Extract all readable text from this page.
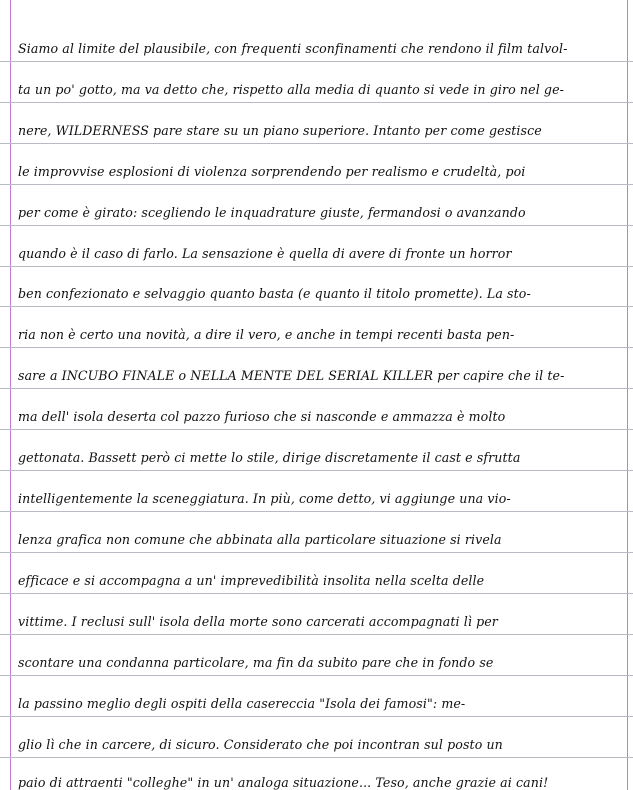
Siamo al limite del plausibile, con frequenti sconfinamenti che rendono il film talvol-
ta un po' gotto, ma va detto che, rispetto alla media di quanto si vede in giro nel ge-
nere, WILDERNESS pare stare su un piano superiore. Intanto per come gestisce
le improvvise esplosioni di violenza sorprendendo per realismo e crudeltà, poi
per come è girato: scegliendo le inquadrature giuste, fermandosi o avanzando
quando è il caso di farlo. La sensazione è quella di avere di fronte un horror
ben confezionato e selvaggio quanto basta (e quanto il titolo promette). La sto-
ria non è certo una novità, a dire il vero, e anche in tempi recenti basta pen-
sare a INCUBO FINALE o NELLA MENTE DEL SERIAL KILLER per capire che il te-
ma dell' isola deserta col pazzo furioso che si nasconde e ammazza è molto
gettonata. Bassett però ci mette lo stile, dirige discretamente il cast e sfrutta
intelligentemente la sceneggiatura. In più, come detto, vi aggiunge una vio-
lenza grafica non comune che abbinata alla particolare situazione si rivela
efficace e si accompagna a un' imprevedibilità insolita nella scelta delle
vittime. I reclusi sull' isola della morte sono carcerati accompagnati lì per
scontare una condanna particolare, ma fin da subito pare che in fondo se
la passino meglio degli ospiti della casereccia "Isola dei famosi": me-
glio lì che in carcere, di sicuro. Considerato che poi incontran sul posto un
paio di attraenti "colleghe" in un' analoga situazione... Teso, anche grazie ai cani!
